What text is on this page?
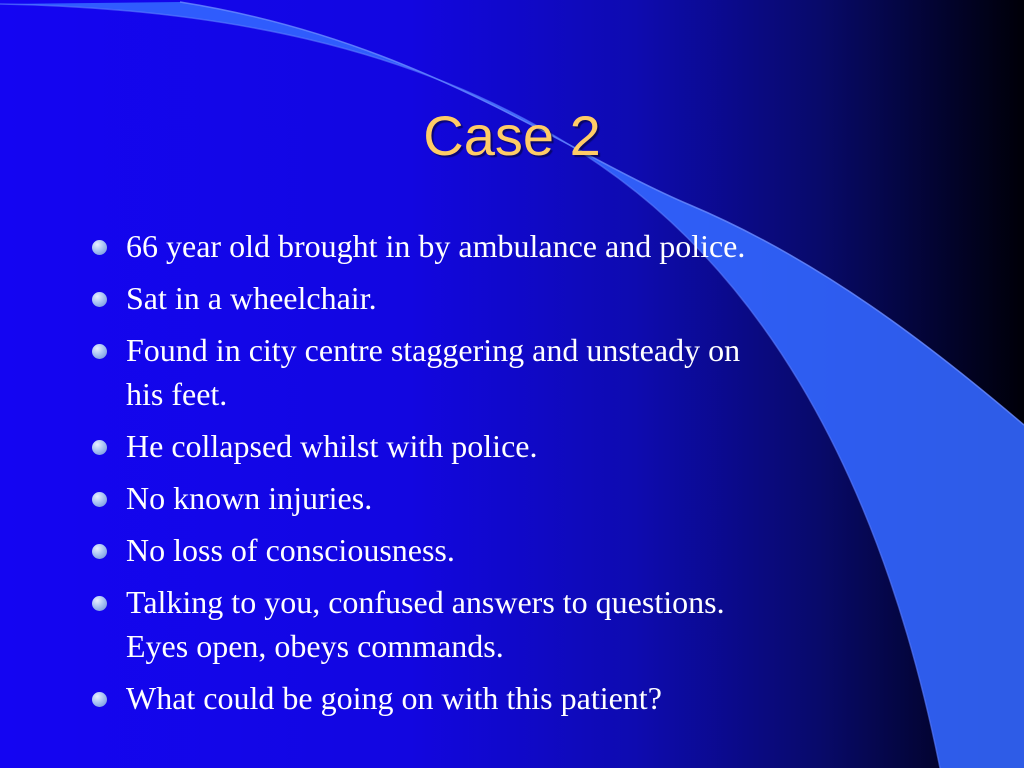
Case 2
66 year old brought in by ambulance and police.
Sat in a wheelchair.
Found in city centre staggering and unsteady on
his feet.
He collapsed whilst with police.
No known injuries.
No loss of consciousness.
Talking to you, confused answers to questions.
Eyes open, obeys commands.
What could be going on with this patient?
